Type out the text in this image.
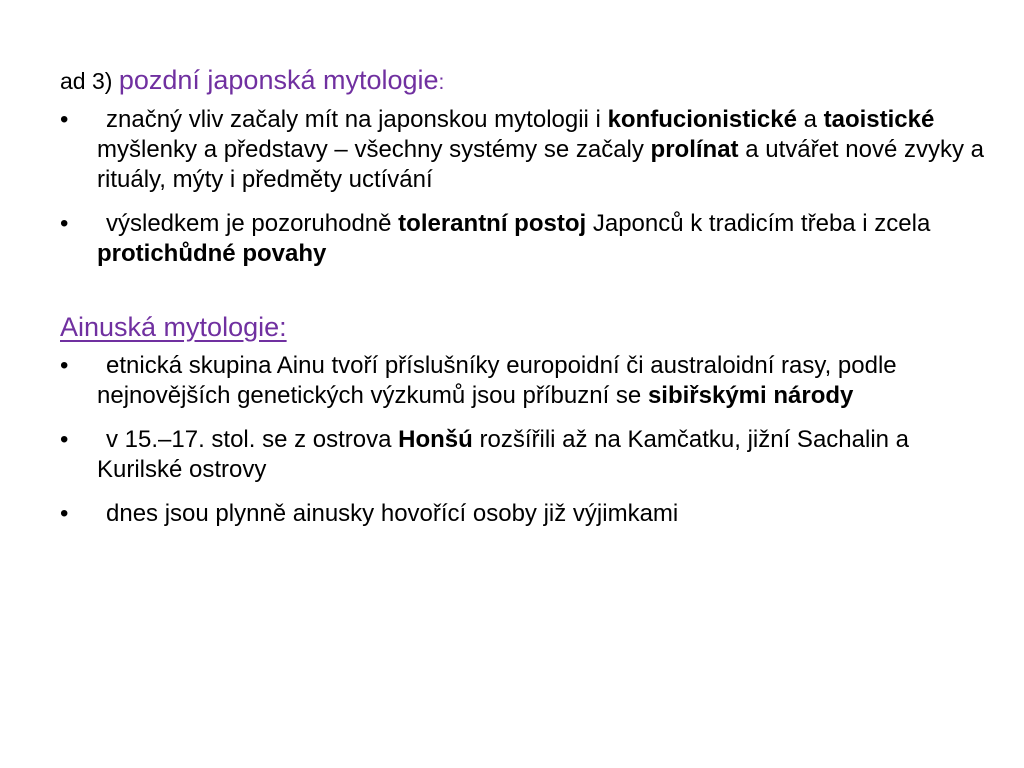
ad 3) pozdní japonská mytologie:
•	značný vliv začaly mít na japonskou mytologii i konfucionistické a taoistické myšlenky a představy – všechny systémy se začaly prolínat a utvářet nové zvyky a rituály, mýty i předměty uctívání
•	výsledkem je pozoruhodně tolerantní postoj Japonců k tradicím třeba i zcela protichůdné povahy
Ainuská mytologie:
•	etnická skupina Ainu tvoří příslušníky europoidní či australoidní rasy, podle nejnovějších genetických výzkumů jsou příbuzní se sibiřskými národy
•	v 15.–17. stol. se z ostrova Honšú rozšířili až na Kamčatku, jižní Sachalin a Kurilské ostrovy
•	dnes jsou plynně ainusky hovořící osoby již výjimkami
